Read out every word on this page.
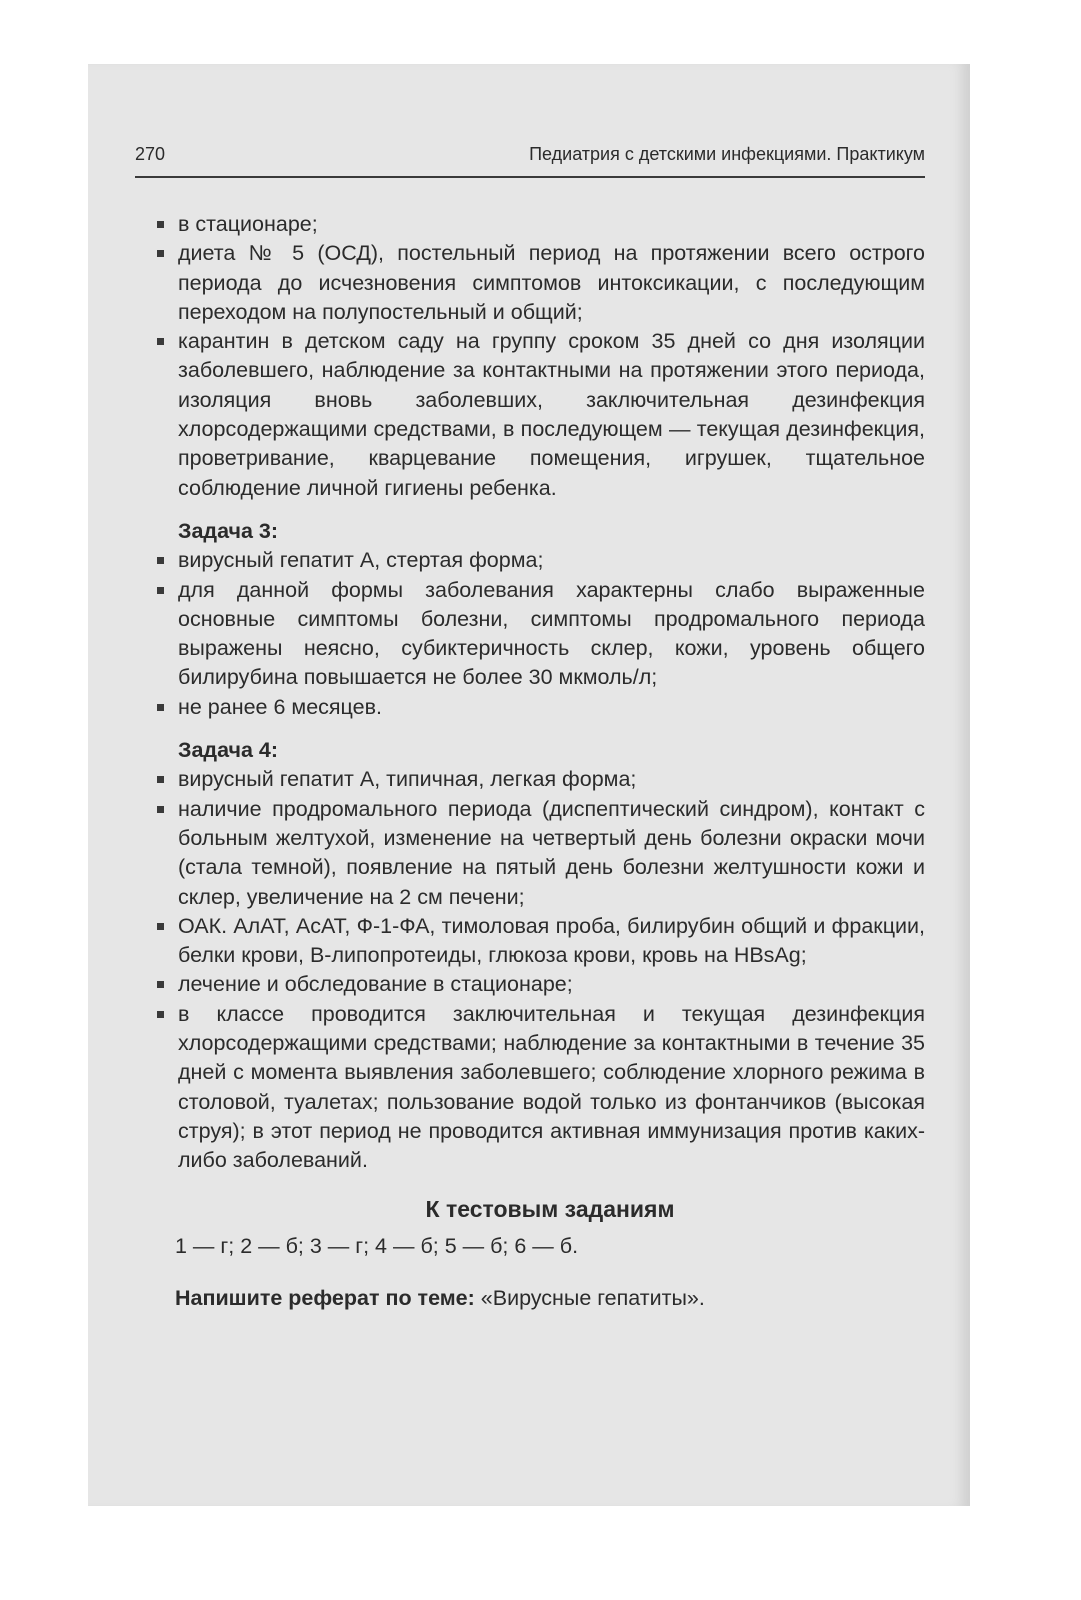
270	Педиатрия с детскими инфекциями. Практикум
в стационаре;
диета № 5 (ОСД), постельный период на протяжении всего острого периода до исчезновения симптомов интоксикации, с последующим переходом на полупостельный и общий;
карантин в детском саду на группу сроком 35 дней со дня изоляции заболевшего, наблюдение за контактными на протяжении этого периода, изоляция вновь заболевших, заключительная дезинфекция хлорсодержащими средствами, в последующем — текущая дезинфекция, проветривание, кварцевание помещения, игрушек, тщательное соблюдение личной гигиены ребенка.
Задача 3:
вирусный гепатит А, стертая форма;
для данной формы заболевания характерны слабо выраженные основные симптомы болезни, симптомы продромального периода выражены неясно, субиктеричность склер, кожи, уровень общего билирубина повышается не более 30 мкмоль/л;
не ранее 6 месяцев.
Задача 4:
вирусный гепатит А, типичная, легкая форма;
наличие продромального периода (диспептический синдром), контакт с больным желтухой, изменение на четвертый день болезни окраски мочи (стала темной), появление на пятый день болезни желтушности кожи и склер, увеличение на 2 см печени;
ОАК. АлАТ, АсАТ, Ф-1-ФА, тимоловая проба, билирубин общий и фракции, белки крови, В-липопротеиды, глюкоза крови, кровь на HBsAg;
лечение и обследование в стационаре;
в классе проводится заключительная и текущая дезинфекция хлорсодержащими средствами; наблюдение за контактными в течение 35 дней с момента выявления заболевшего; соблюдение хлорного режима в столовой, туалетах; пользование водой только из фонтанчиков (высокая струя); в этот период не проводится активная иммунизация против каких-либо заболеваний.
К тестовым заданиям
1 — г; 2 — б; 3 — г; 4 — б; 5 — б; 6 — б.
Напишите реферат по теме: «Вирусные гепатиты».
